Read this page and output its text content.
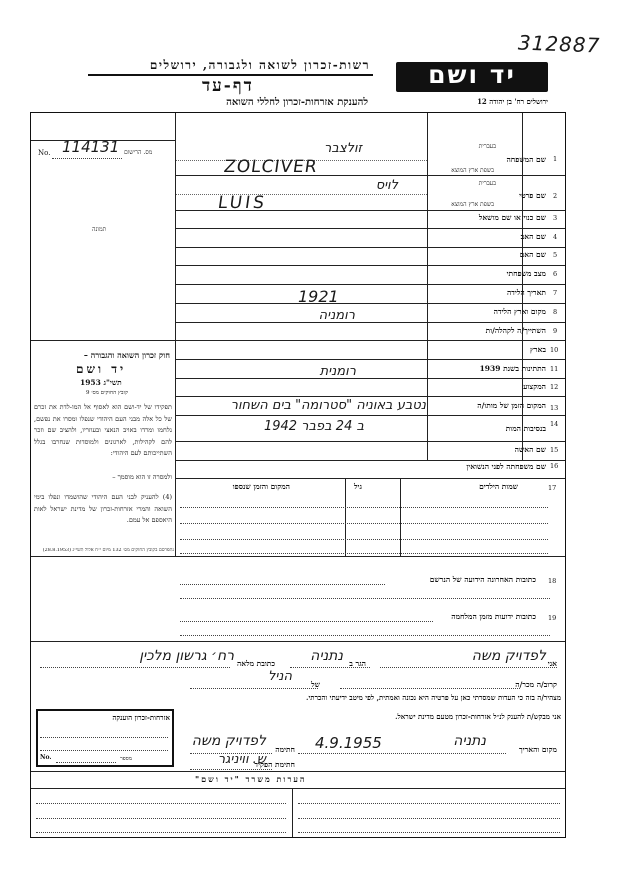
312887
רשות-זכרון לשואה ולגבורה, ירושלים
דף-עד
להענקת אזרחות-זכרון לחללי השואה
יד ושם
ירושלים רח' בן יהודה 12
No. 114131 מס. הרישום
תמונה
1
שם המשפחה
בעברית
בשפת ארץ המוצא
2
שם פרטי
בעברית
בשפת ארץ המוצא
3
שם כנוי או שם מושאל
4
שם האב
5
שם האם
6
מצב משפחתי
7
תאריך הלידה
8
מקום וארץ הלידה
9
השתייך/ה לקהלה/ות
10
בארץ
11
התתינות בשנת 1939
12
המקצוע
13
המקום הזמן של מותו/ה
14
בנסיבות המות
15
שם האשה
16
שם משפחתה לפני הנשואין
זולצבר
ZOLCIVER
לויס
LUIS
1921
רומניה
רומנית
נטבע באוניה "סטרומה" בים השחור
ב 24 בפבר 1942
חוק זכרון השואה והגבורה –
יד ושם
תשי"ג 1953
קובץ החוקים מס׳ 9
תפקידו של יד-ושם הוא לאסוף אל המו-לדת את זכרם של כל אלה מבני העם היהודי שנפלו ומסרו את נפשם, נלחמו ומרדו באויב הנאצי ובעוזריו, ולהציב שם וזכר להם לקהילות, לארגונים ולמוסדות שנחרבו בגלל השתייכותם לעם היהודי:
ולמסרה זו הוא מוסמך –
(4) להעניק לבני העם היהודי שהושמדו ונפלו בימי השואה והמרי אזרחות-זכרון של מדינת ישראל לאות היאספם אל עמם.
נתפרסם בקובץ החוקים מס׳ 132 מיום י״ח אלול תשי״ג (28.8.1953)
שמות הילדים
גיל
המקום והזמן שנספו	17
כתובות האחרונה הידועה של הנרשם 18
כתובות ידועות מזמן המלחמה 19
אני
לפדויק משה
הגר ב
נתניה
כתובת מלאה
רח׳ גרשון מלכין
קרוב/ה מכר/ה
של
הניל
מצהיר/ה בזה כי העדות שמסרתי כאן על פרטיה היא נכונה ואמתית, לפי מיטב ידיעתי והכרתי.
אני מבקש/ת להענק לנ״ל אזרחות-זכרון מטעם מדינת ישראל.
מקום והאריך
נתניה
4.9.1955
חתימה
לפדויק משה
חתימת הפקיד
ש. וויניגר
אזרחות-זכרון הוענקה
No.	מספר
הערות משרד "יד ושם"
